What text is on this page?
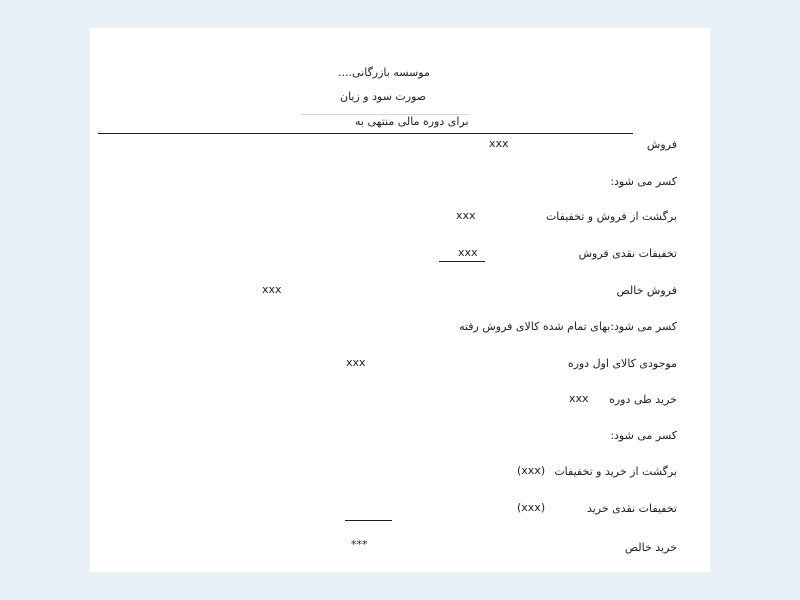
موسسه بازرگانی....
صورت سود و زیان
برای دوره مالی منتهی به
فروش
xxx
کسر می شود:
برگشت از فروش و تخفیفات
xxx
تخفیفات نقدی فروش
xxx
فروش خالص
xxx
کسر می شود:بهای تمام شده کالای فروش رفته
موجودی کالای اول دوره
xxx
خرید طی دوره
xxx
کسر می شود:
برگشت از خرید و تخفیفات
(xxx)
تخفیفات نقدی خرید
(xxx)
خرید خالص
***
